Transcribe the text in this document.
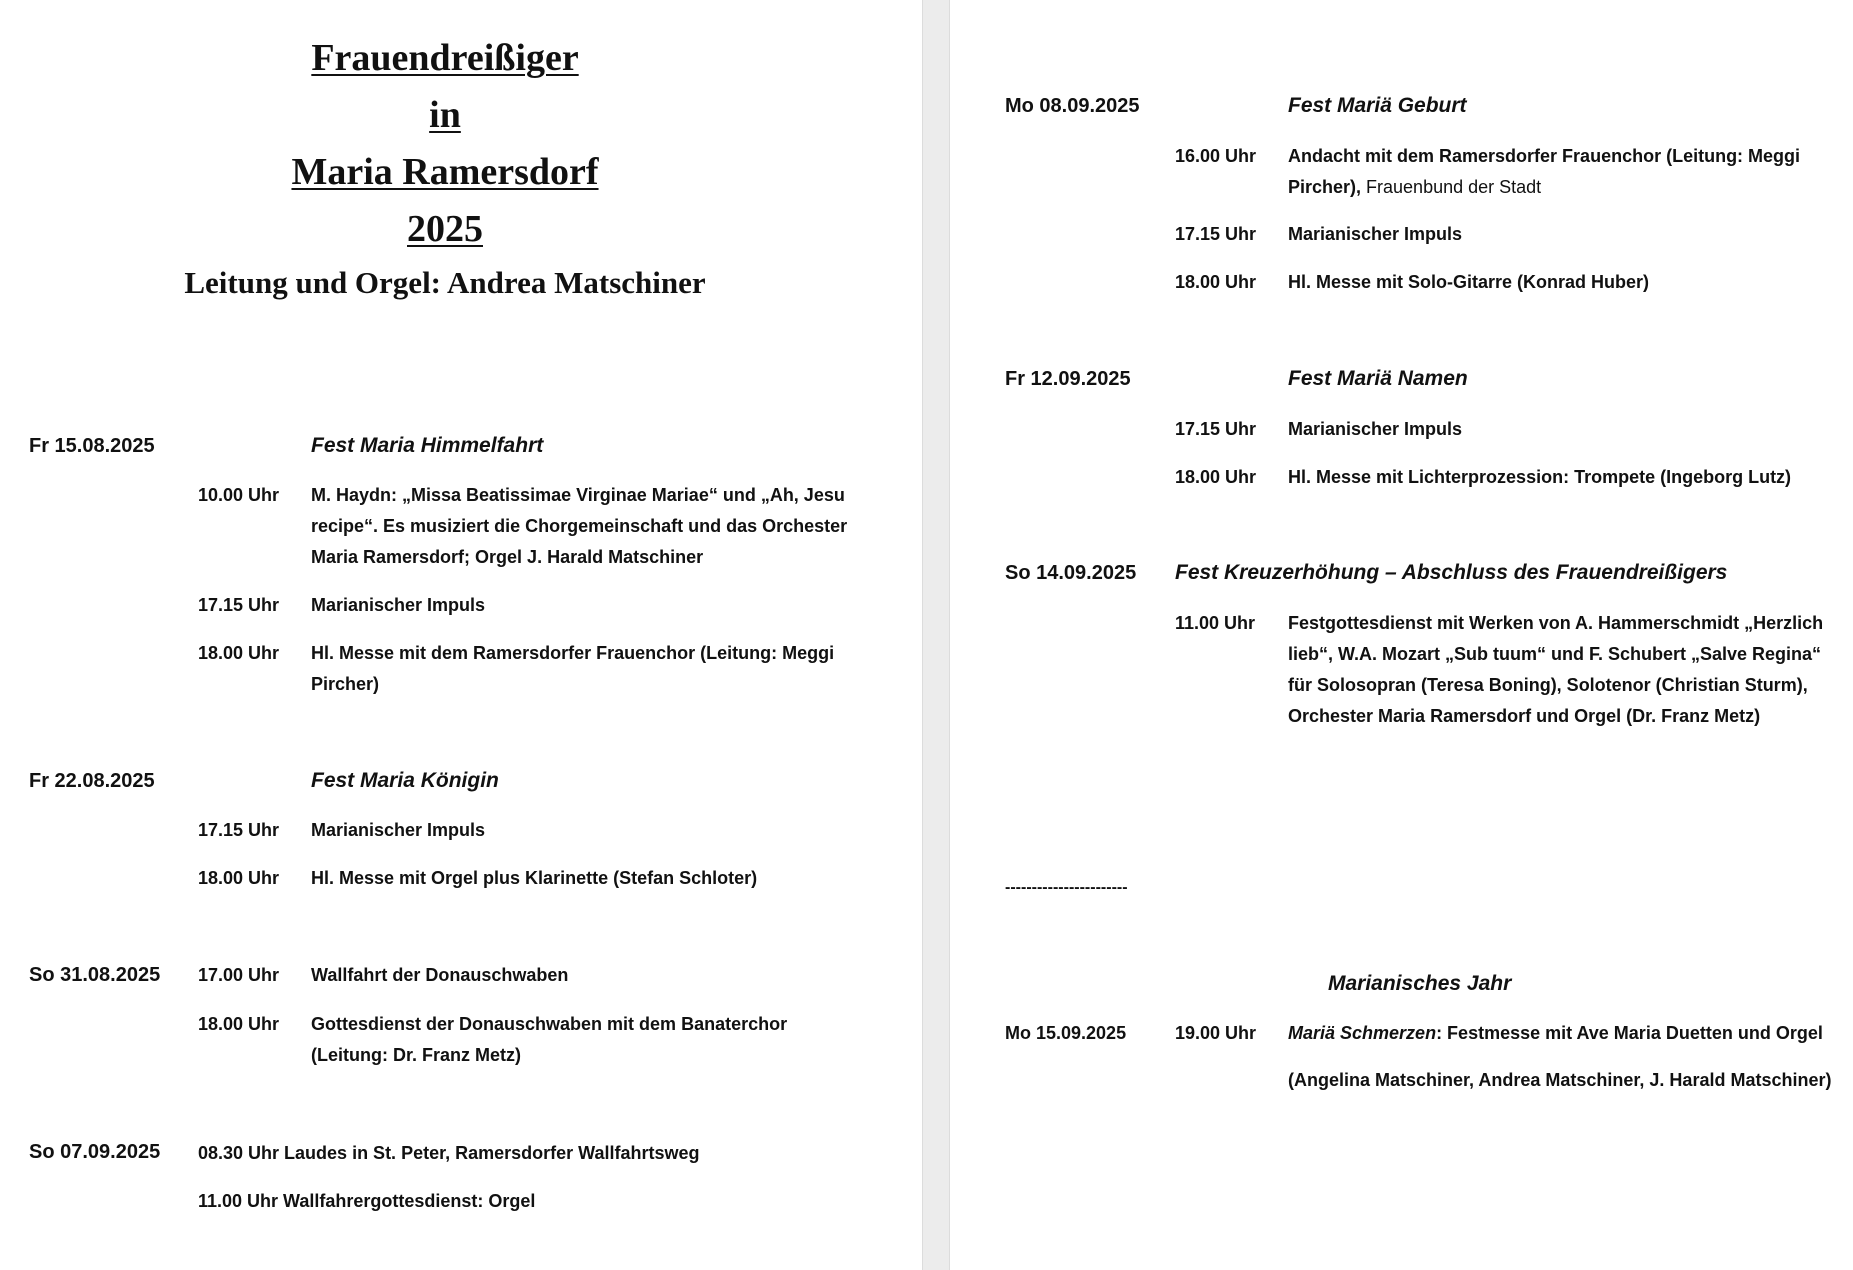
Frauendreißiger
in
Maria Ramersdorf
2025
Leitung und Orgel: Andrea Matschiner
Fr 15.08.2025	Fest Maria Himmelfahrt
10.00 Uhr M. Haydn: „Missa Beatissimae Virginae Mariae“ und „Ah, Jesu recipe“. Es musiziert die Chorgemeinschaft und das Orchester Maria Ramersdorf; Orgel J. Harald Matschiner
17.15 Uhr Marianischer Impuls
18.00 Uhr Hl. Messe mit dem Ramersdorfer Frauenchor (Leitung: Meggi Pircher)
Fr 22.08.2025	Fest Maria Königin
17.15 Uhr Marianischer Impuls
18.00 Uhr Hl. Messe mit Orgel plus Klarinette (Stefan Schloter)
So 31.08.2025 17.00 Uhr Wallfahrt der Donauschwaben
18.00 Uhr Gottesdienst der Donauschwaben mit dem Banaterchor (Leitung: Dr. Franz Metz)
So 07.09.2025 08.30 Uhr Laudes in St. Peter, Ramersdorfer Wallfahrtsweg
11.00 Uhr Wallfahrergottesdienst: Orgel
Mo 08.09.2025	Fest Mariä Geburt
16.00 Uhr Andacht mit dem Ramersdorfer Frauenchor (Leitung: Meggi Pircher), Frauenbund der Stadt
17.15 Uhr Marianischer Impuls
18.00 Uhr Hl. Messe mit Solo-Gitarre (Konrad Huber)
Fr 12.09.2025	Fest Mariä Namen
17.15 Uhr Marianischer Impuls
18.00 Uhr Hl. Messe mit Lichterprozession: Trompete (Ingeborg Lutz)
So 14.09.2025 Fest Kreuzerhöhung – Abschluss des Frauendreißigers
11.00 Uhr Festgottesdienst mit Werken von A. Hammerschmidt „Herzlich lieb“, W.A. Mozart „Sub tuum“ und F. Schubert „Salve Regina“ für Solosopran (Teresa Boning), Solotenor (Christian Sturm), Orchester Maria Ramersdorf und Orgel (Dr. Franz Metz)
-----------------------
Marianisches Jahr
Mo 15.09.2025	19.00 Uhr Mariä Schmerzen: Festmesse mit Ave Maria Duetten und Orgel (Angelina Matschiner, Andrea Matschiner, J. Harald Matschiner)
